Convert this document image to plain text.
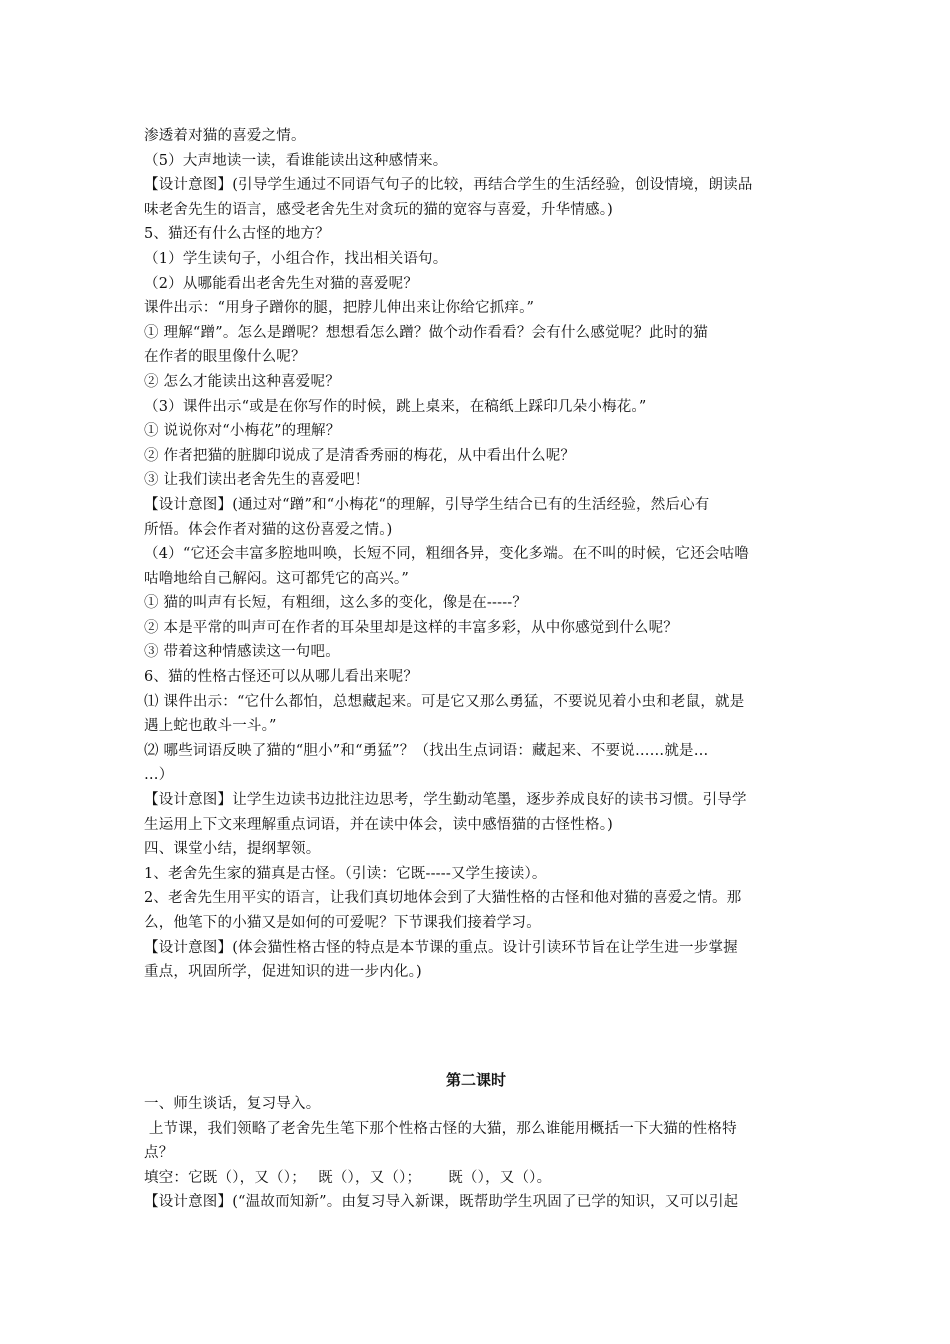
渗透着对猫的喜爱之情。
（5）大声地读一读，看谁能读出这种感情来。
【设计意图】(引导学生通过不同语气句子的比较，再结合学生的生活经验，创设情境，朗读品
味老舍先生的语言，感受老舍先生对贪玩的猫的宽容与喜爱，升华情感。)
5、猫还有什么古怪的地方？
（1）学生读句子，小组合作，找出相关语句。
（2）从哪能看出老舍先生对猫的喜爱呢？
课件出示：“用身子蹭你的腿，把脖儿伸出来让你给它抓痒。”
① 理解“蹭”。怎么是蹭呢？想想看怎么蹭？做个动作看看？会有什么感觉呢？此时的猫
在作者的眼里像什么呢？
② 怎么才能读出这种喜爱呢？
（3）课件出示“或是在你写作的时候，跳上桌来，在稿纸上踩印几朵小梅花。”
① 说说你对“小梅花”的理解？
② 作者把猫的脏脚印说成了是清香秀丽的梅花，从中看出什么呢？
③ 让我们读出老舍先生的喜爱吧！
【设计意图】(通过对“蹭”和“小梅花“的理解，引导学生结合已有的生活经验，然后心有
所悟。体会作者对猫的这份喜爱之情。)
（4）“它还会丰富多腔地叫唤，长短不同，粗细各异，变化多端。在不叫的时候，它还会咕噜
咕噜地给自己解闷。这可都凭它的高兴。”
① 猫的叫声有长短，有粗细，这么多的变化，像是在-----？
② 本是平常的叫声可在作者的耳朵里却是这样的丰富多彩，从中你感觉到什么呢？
③ 带着这种情感读这一句吧。
6、猫的性格古怪还可以从哪儿看出来呢？
⑴ 课件出示：“它什么都怕，总想藏起来。可是它又那么勇猛，不要说见着小虫和老鼠，就是
遇上蛇也敢斗一斗。”
⑵ 哪些词语反映了猫的“胆小”和“勇猛”？（找出生点词语：藏起来、不要说……就是…
…）
【设计意图】让学生边读书边批注边思考，学生勤动笔墨，逐步养成良好的读书习惯。引导学
生运用上下文来理解重点词语，并在读中体会，读中感悟猫的古怪性格。)
四、课堂小结，提纲挈领。
1、老舍先生家的猫真是古怪。（引读：它既-----又学生接读）。
2、老舍先生用平实的语言，让我们真切地体会到了大猫性格的古怪和他对猫的喜爱之情。那
么，他笔下的小猫又是如何的可爱呢？下节课我们接着学习。
【设计意图】(体会猫性格古怪的特点是本节课的重点。设计引读环节旨在让学生进一步掌握
重点，巩固所学，促进知识的进一步内化。)
第二课时
一、师生谈话，复习导入。
上节课，我们领略了老舍先生笔下那个性格古怪的大猫，那么谁能用概括一下大猫的性格特
点？
填空：它既（），又（）；　 既（），又（）；　　 既（），又（）。
【设计意图】(“温故而知新”。由复习导入新课，既帮助学生巩固了已学的知识，又可以引起
